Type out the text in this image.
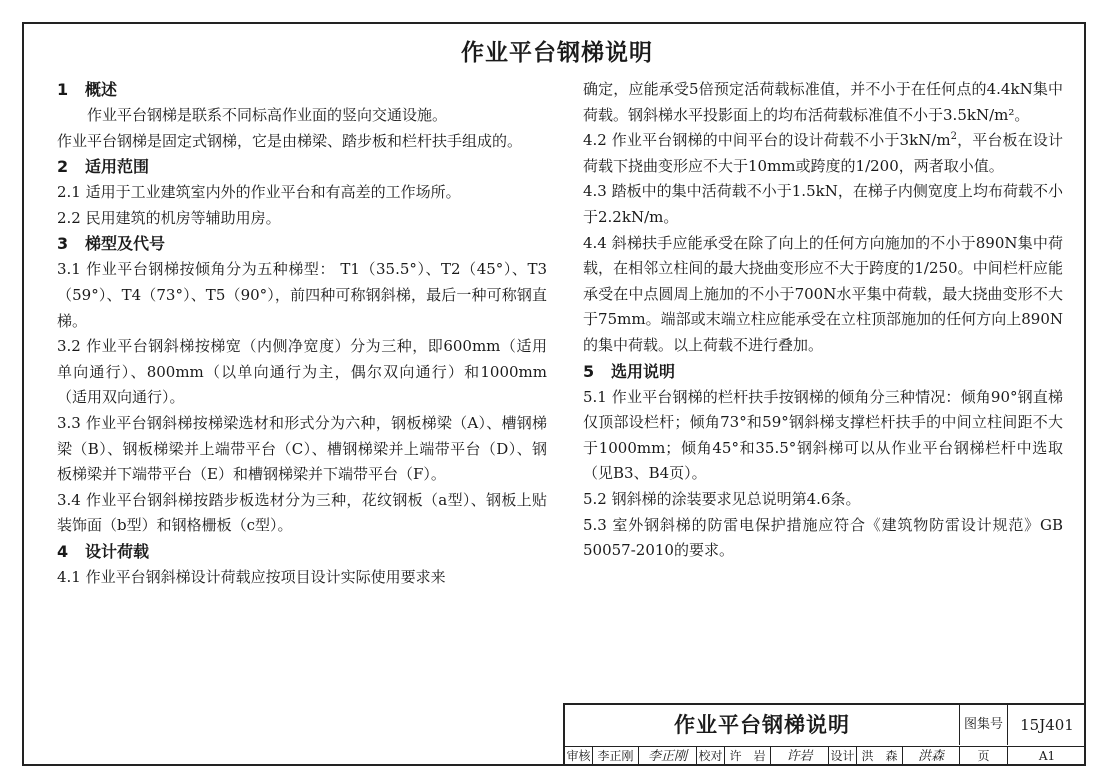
作业平台钢梯说明
1 概述

作业平台钢梯是联系不同标高作业面的竖向交通设施。

作业平台钢梯是固定式钢梯，它是由梯梁、踏步板和栏杆扶手组成的。

2 适用范围

2.1 适用于工业建筑室内外的作业平台和有高差的工作场所。

2.2 民用建筑的机房等辅助用房。

3 梯型及代号

3.1 作业平台钢梯按倾角分为五种梯型： T1（35.5°）、T2（45°）、T3（59°）、T4（73°）、T5（90°），前四种可称钢斜梯，最后一种可称钢直梯。

3.2 作业平台钢斜梯按梯宽（内侧净宽度）分为三种，即600mm（适用单向通行）、800mm（以单向通行为主，偶尔双向通行）和1000mm（适用双向通行）。

3.3 作业平台钢斜梯按梯梁选材和形式分为六种，钢板梯梁（A）、槽钢梯梁（B）、钢板梯梁并上端带平台（C）、槽钢梯梁并上端带平台（D）、钢板梯梁并下端带平台（E）和槽钢梯梁并下端带平台（F）。

3.4 作业平台钢斜梯按踏步板选材分为三种，花纹钢板（a型）、钢板上贴装饰面（b型）和钢格栅板（c型）。

4 设计荷载

4.1 作业平台钢斜梯设计荷载应按项目设计实际使用要求来

确定，应能承受5倍预定活荷载标准值，并不小于在任何点的4.4kN集中荷载。钢斜梯水平投影面上的均布活荷载标准值不小于3.5kN/m²。

4.2 作业平台钢梯的中间平台的设计荷载不小于$3kN/m^2$，平台板在设计荷载下挠曲变形应不大于10mm或跨度的1/200，两者取小值。

4.3 踏板中的集中活荷载不小于1.5kN，在梯子内侧宽度上均布荷载不小于2.2kN/m。

4.4 斜梯扶手应能承受在除了向上的任何方向施加的不小于890N集中荷载，在相邻立柱间的最大挠曲变形应不大于跨度的1/250。中间栏杆应能承受在中点圆周上施加的不小于700N水平集中荷载，最大挠曲变形不大于75mm。端部或末端立柱应能承受在立柱顶部施加的任何方向上890N的集中荷载。以上荷载不进行叠加。

5 选用说明

5.1 作业平台钢梯的栏杆扶手按钢梯的倾角分三种情况：倾角90°钢直梯仅顶部设栏杆；倾角73°和59°钢斜梯支撑栏杆扶手的中间立柱间距不大于1000mm；倾角45°和35.5°钢斜梯可以从作业平台钢梯栏杆中选取（见B3、B4页）。

5.2 钢斜梯的涂装要求见总说明第4.6条。

5.3 室外钢斜梯的防雷电保护措施应符合《建筑物防雷设计规范》GB 50057-2010的要求。

作业平台钢梯说明	图集号	15J401
审核 李正刚	李正刚 校对 许　岩	许岩	设计 洪　森	洪森	页	A1
